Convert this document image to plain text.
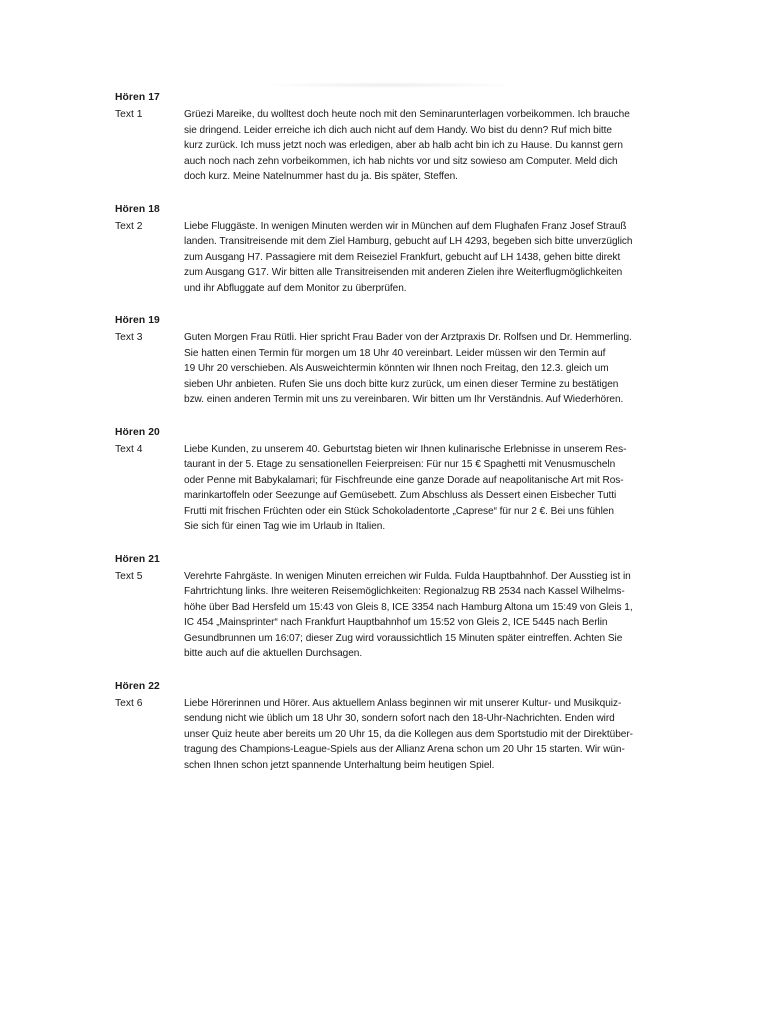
Hören 17
Text 1	Grüezi Mareike, du wolltest doch heute noch mit den Seminarunterlagen vorbeikommen. Ich brauche
sie dringend. Leider erreiche ich dich auch nicht auf dem Handy. Wo bist du denn? Ruf mich bitte
kurz zurück. Ich muss jetzt noch was erledigen, aber ab halb acht bin ich zu Hause. Du kannst gern
auch noch nach zehn vorbeikommen, ich hab nichts vor und sitz sowieso am Computer. Meld dich
doch kurz. Meine Natelnummer hast du ja. Bis später, Steffen.
Hören 18
Text 2	Liebe Fluggäste. In wenigen Minuten werden wir in München auf dem Flughafen Franz Josef Strauß
landen. Transitreisende mit dem Ziel Hamburg, gebucht auf LH 4293, begeben sich bitte unverzüglich
zum Ausgang H7. Passagiere mit dem Reiseziel Frankfurt, gebucht auf LH 1438, gehen bitte direkt
zum Ausgang G17. Wir bitten alle Transitreisenden mit anderen Zielen ihre Weiterflugmöglichkeiten
und ihr Abfluggate auf dem Monitor zu überprüfen.
Hören 19
Text 3	Guten Morgen Frau Rütli. Hier spricht Frau Bader von der Arztpraxis Dr. Rolfsen und Dr. Hemmerling.
Sie hatten einen Termin für morgen um 18 Uhr 40 vereinbart. Leider müssen wir den Termin auf
19 Uhr 20 verschieben. Als Ausweichtermin könnten wir Ihnen noch Freitag, den 12.3. gleich um
sieben Uhr anbieten. Rufen Sie uns doch bitte kurz zurück, um einen dieser Termine zu bestätigen
bzw. einen anderen Termin mit uns zu vereinbaren. Wir bitten um Ihr Verständnis. Auf Wiederhören.
Hören 20
Text 4	Liebe Kunden, zu unserem 40. Geburtstag bieten wir Ihnen kulinarische Erlebnisse in unserem Res-
taurant in der 5. Etage zu sensationellen Feierpreisen: Für nur 15 € Spaghetti mit Venusmuscheln
oder Penne mit Babykalamari; für Fischfreunde eine ganze Dorade auf neapolitanische Art mit Ros-
marinkartoffeln oder Seezunge auf Gemüsebett. Zum Abschluss als Dessert einen Eisbecher Tutti
Frutti mit frischen Früchten oder ein Stück Schokoladentorte „Caprese“ für nur 2 €. Bei uns fühlen
Sie sich für einen Tag wie im Urlaub in Italien.
Hören 21
Text 5	Verehrte Fahrgäste. In wenigen Minuten erreichen wir Fulda. Fulda Hauptbahnhof. Der Ausstieg ist in
Fahrtrichtung links. Ihre weiteren Reisemöglichkeiten: Regionalzug RB 2534 nach Kassel Wilhelms-
höhe über Bad Hersfeld um 15:43 von Gleis 8, ICE 3354 nach Hamburg Altona um 15:49 von Gleis 1,
IC 454 „Mainsprinter“ nach Frankfurt Hauptbahnhof um 15:52 von Gleis 2, ICE 5445 nach Berlin
Gesundbrunnen um 16:07; dieser Zug wird voraussichtlich 15 Minuten später eintreffen. Achten Sie
bitte auch auf die aktuellen Durchsagen.
Hören 22
Text 6	Liebe Hörerinnen und Hörer. Aus aktuellem Anlass beginnen wir mit unserer Kultur- und Musikquiz-
sendung nicht wie üblich um 18 Uhr 30, sondern sofort nach den 18-Uhr-Nachrichten. Enden wird
unser Quiz heute aber bereits um 20 Uhr 15, da die Kollegen aus dem Sportstudio mit der Direktüber-
tragung des Champions-League-Spiels aus der Allianz Arena schon um 20 Uhr 15 starten. Wir wün-
schen Ihnen schon jetzt spannende Unterhaltung beim heutigen Spiel.
